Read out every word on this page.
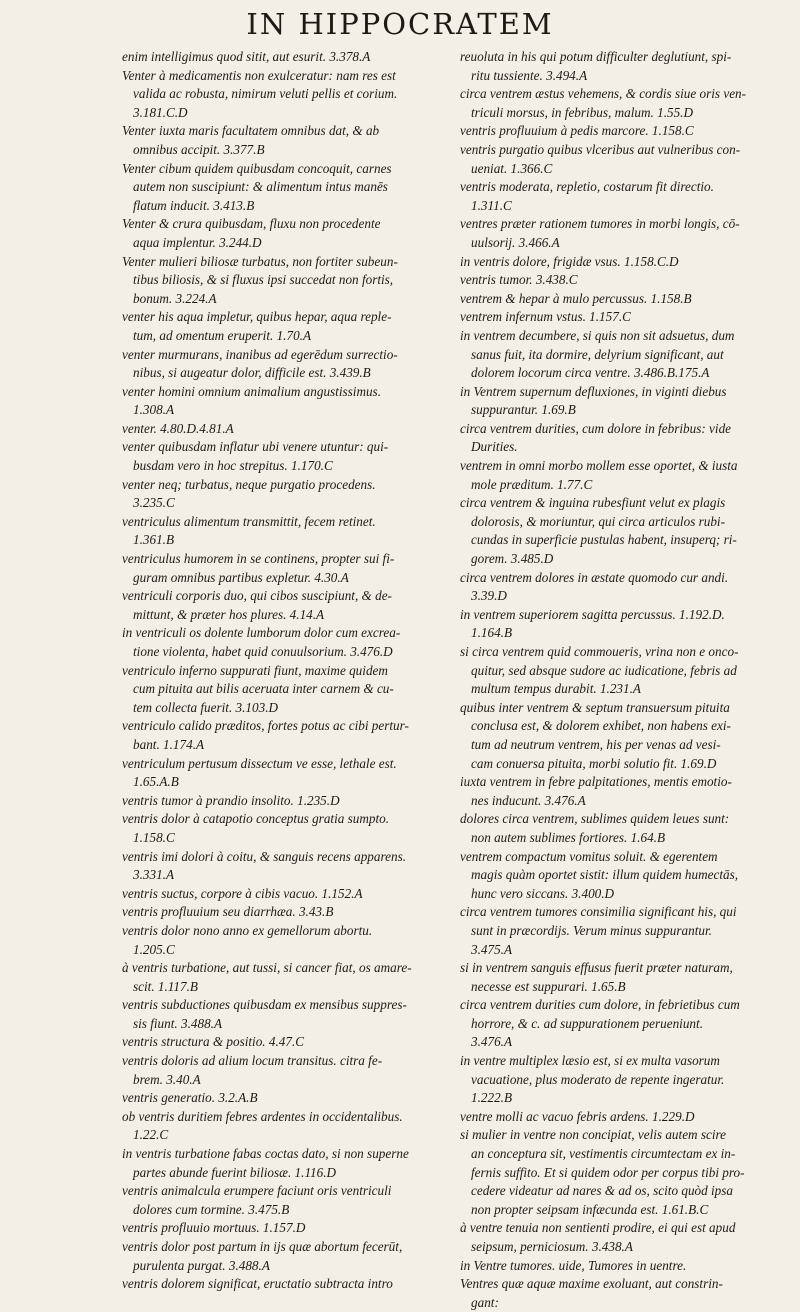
IN HIPPOCRATEM
enim intelligimus quod sitit, aut esurit. 3.378.A
Venter à medicamentis non exulceratur: nam res est
valida ac robusta, nimirum veluti pellis et corium.
3.181.C.D
Venter iuxta maris facultatem omnibus dat, & ab
omnibus accipit. 3.377.B
Venter cibum quidem quibusdam concoquit, carnes
autem non suscipiunt: & alimentum intus manēs
flatum inducit. 3.413.B
Venter & crura quibusdam, fluxu non procedente
aqua implentur. 3.244.D
Venter mulieri biliosæ turbatus, non fortiter subeun-
tibus biliosis, & si fluxus ipsi succedat non fortis,
bonum. 3.224.A
venter his aqua impletur, quibus hepar, aqua reple-
tum, ad omentum eruperit. 1.70.A
venter murmurans, inanibus ad egerēdum surrectio-
nibus, si augeatur dolor, difficile est. 3.439.B
venter homini omnium animalium angustissimus.
1.308.A
venter. 4.80.D.4.81.A
venter quibusdam inflatur ubi venere utuntur: qui-
busdam vero in hoc strepitus. 1.170.C
venter neq; turbatus, neque purgatio procedens.
3.235.C
ventriculus alimentum transmittit, fecem retinet.
1.361.B
ventriculus humorem in se continens, propter sui fi-
guram omnibus partibus expletur. 4.30.A
ventriculi corporis duo, qui cibos suscipiunt, & de-
mittunt, & præter hos plures. 4.14.A
in ventriculi os dolente lumborum dolor cum excrea-
tione violenta, habet quid conuulsorium. 3.476.D
ventriculo inferno suppurati fiunt, maxime quidem
cum pituita aut bilis aceruata inter carnem & cu-
tem collecta fuerit. 3.103.D
ventriculo calido præditos, fortes potus ac cibi pertur-
bant. 1.174.A
ventriculum pertusum dissectum ve esse, lethale est.
1.65.A.B
ventris tumor à prandio insolito. 1.235.D
ventris dolor à catapotio conceptus gratia sumpto.
1.158.C
ventris imi dolori à coitu, & sanguis recens apparens.
3.331.A
ventris suctus, corpore à cibis vacuo. 1.152.A
ventris profluuium seu diarrhæa. 3.43.B
ventris dolor nono anno ex gemellorum abortu.
1.205.C
à ventris turbatione, aut tussi, si cancer fiat, os amare-
scit. 1.117.B
ventris subductiones quibusdam ex mensibus suppres-
sis fiunt. 3.488.A
ventris structura & positio. 4.47.C
ventris doloris ad alium locum transitus. citra fe-
brem. 3.40.A
ventris generatio. 3.2.A.B
ob ventris duritiem febres ardentes in occidentalibus.
1.22.C
in ventris turbatione fabas coctas dato, si non superne
partes abunde fuerint biliosæ. 1.116.D
ventris animalcula erumpere faciunt oris ventriculi
dolores cum tormine. 3.475.B
ventris profluuio mortuus. 1.157.D
ventris dolor post partum in ijs quæ abortum fecerūt,
purulenta purgat. 3.488.A
ventris dolorem significat, eructatio subtracta intro
reuoluta in his qui potum difficulter deglutiunt, spi-
ritu tussiente. 3.494.A
circa ventrem æstus vehemens, & cordis siue oris ven-
triculi morsus, in febribus, malum. 1.55.D
ventris profluuium à pedis marcore. 1.158.C
ventris purgatio quibus vlceribus aut vulneribus con-
ueniat. 1.366.C
ventris moderata, repletio, costarum fit directio.
1.311.C
ventres præter rationem tumores in morbi longis, cō-
uulsorij. 3.466.A
in ventris dolore, frigidæ vsus. 1.158.C.D
ventris tumor. 3.438.C
ventrem & hepar à mulo percussus. 1.158.B
ventrem infernum vstus. 1.157.C
in ventrem decumbere, si quis non sit adsuetus, dum
sanus fuit, ita dormire, delyrium significant, aut
dolorem locorum circa ventre. 3.486.B.175.A
in Ventrem supernum defluxiones, in viginti diebus
suppurantur. 1.69.B
circa ventrem durities, cum dolore in febribus: vide
Durities.
ventrem in omni morbo mollem esse oportet, & iusta
mole præditum. 1.77.C
circa ventrem & inguina rubesfiunt velut ex plagis
dolorosis, & moriuntur, qui circa articulos rubi-
cundas in superficie pustulas habent, insuperq; ri-
gorem. 3.485.D
circa ventrem dolores in æstate quomodo cur andi.
3.39.D
in ventrem superiorem sagitta percussus. 1.192.D.
1.164.B
si circa ventrem quid commoueris, vrina non e onco-
quitur, sed absque sudore ac iudicatione, febris ad
multum tempus durabit. 1.231.A
quibus inter ventrem & septum transuersum pituita
conclusa est, & dolorem exhibet, non habens exi-
tum ad neutrum ventrem, his per venas ad vesi-
cam conuersa pituita, morbi solutio fit. 1.69.D
iuxta ventrem in febre palpitationes, mentis emotio-
nes inducunt. 3.476.A
dolores circa ventrem, sublimes quidem leues sunt:
non autem sublimes fortiores. 1.64.B
ventrem compactum vomitus soluit. & egerentem
magis quàm oportet sistit: illum quidem humectās,
hunc vero siccans. 3.400.D
circa ventrem tumores consimilia significant his, qui
sunt in præcordijs. Verum minus suppurantur.
3.475.A
si in ventrem sanguis effusus fuerit præter naturam,
necesse est suppurari. 1.65.B
circa ventrem durities cum dolore, in febrietibus cum
horrore, & c. ad suppurationem perueniunt.
3.476.A
in ventre multiplex læsio est, si ex multa vasorum
vacuatione, plus moderato de repente ingeratur.
1.222.B
ventre molli ac vacuo febris ardens. 1.229.D
si mulier in ventre non concipiat, velis autem scire
an conceptura sit, vestimentis circumtectam ex in-
fernis suffito. Et si quidem odor per corpus tibi pro-
cedere videatur ad nares & ad os, scito quòd ipsa
non propter seipsam infæcunda est. 1.61.B.C
à ventre tenuia non sentienti prodire, ei qui est apud
seipsum, perniciosum. 3.438.A
in Ventre tumores. uide, Tumores in uentre.
Ventres quæ aquæ maxime exoluant, aut constrin-
gant:
